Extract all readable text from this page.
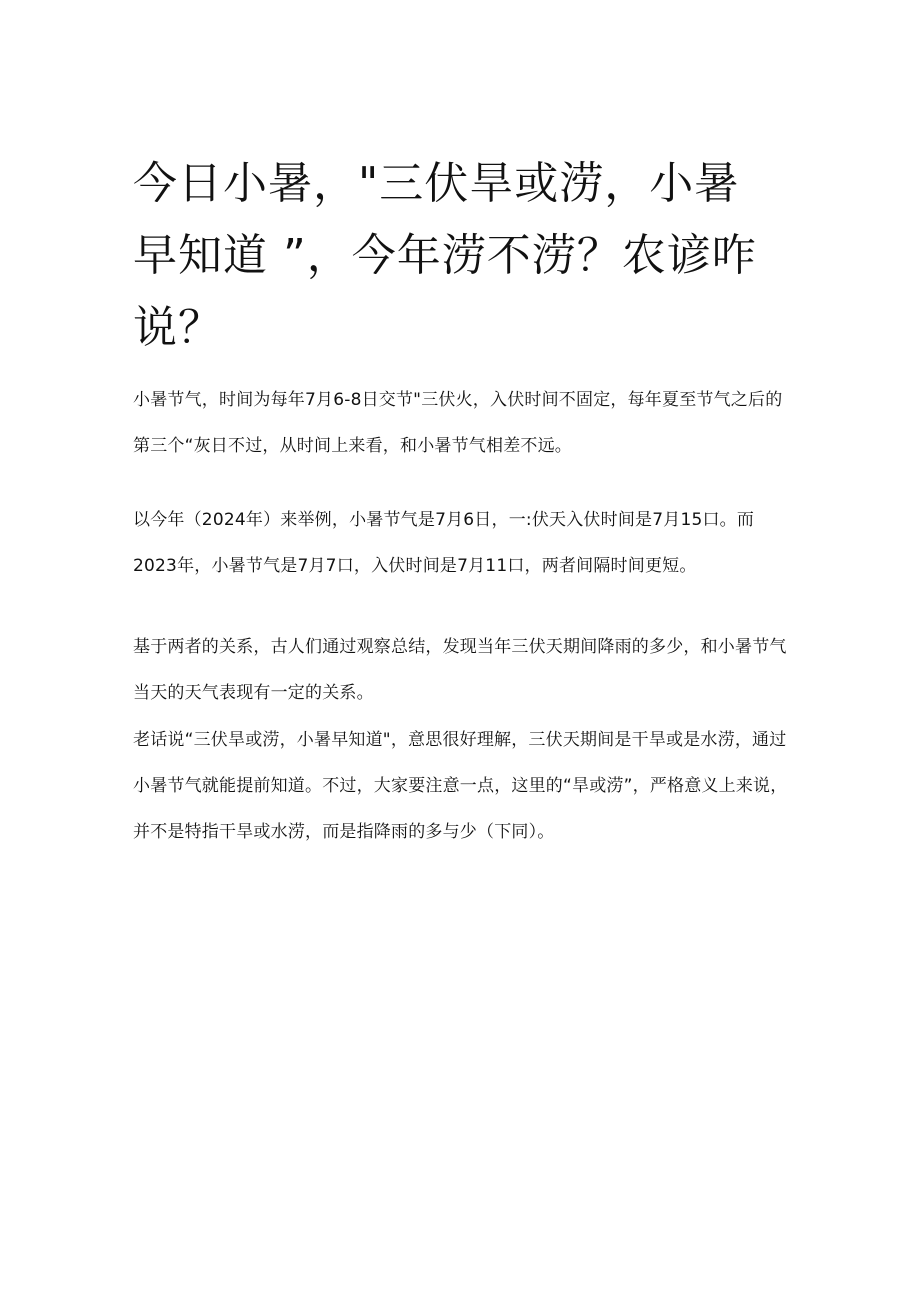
今日小暑，"三伏旱或涝，小暑早知道 ”，今年涝不涝？农谚咋说？

小暑节气，时间为每年7月6-8日交节"三伏火，入伏时间不固定，每年夏至节气之后的第三个“灰日不过，从时间上来看，和小暑节气相差不远。

以今年（2024年）来举例，小暑节气是7月6日，一:伏天入伏时间是7月15口。而2023年，小暑节气是7月7口，入伏时间是7月11口，两者间隔时间更短。

基于两者的关系，古人们通过观察总结，发现当年三伏天期间降雨的多少，和小暑节气当天的天气表现有一定的关系。

老话说“三伏旱或涝，小暑早知道"，意思很好理解，三伏天期间是干旱或是水涝，通过小暑节气就能提前知道。不过，大家要注意一点，这里的“旱或涝”，严格意义上来说，并不是特指干旱或水涝，而是指降雨的多与少（下同）。
